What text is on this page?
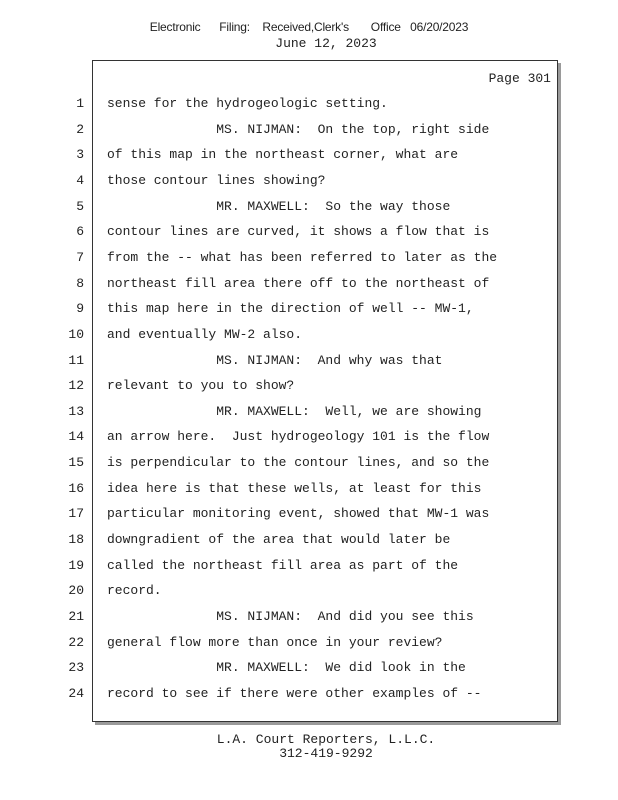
Electronic      Filing:    Received,Clerk's       Office   06/20/2023
June 12, 2023
1
2
3
4
5
6
7
8
9
10
11
12
13
14
15
16
17
18
19
20
21
22
23
24
Page 301
sense for the hydrogeologic setting.
MS. NIJMAN:  On the top, right side
of this map in the northeast corner, what are
those contour lines showing?
MR. MAXWELL:  So the way those
contour lines are curved, it shows a flow that is
from the -- what has been referred to later as the
northeast fill area there off to the northeast of
this map here in the direction of well -- MW-1,
and eventually MW-2 also.
MS. NIJMAN:  And why was that
relevant to you to show?
MR. MAXWELL:  Well, we are showing
an arrow here.  Just hydrogeology 101 is the flow
is perpendicular to the contour lines, and so the
idea here is that these wells, at least for this
particular monitoring event, showed that MW-1 was
downgradient of the area that would later be
called the northeast fill area as part of the
record.
MS. NIJMAN:  And did you see this
general flow more than once in your review?
MR. MAXWELL:  We did look in the
record to see if there were other examples of --
L.A. Court Reporters, L.L.C.
312-419-9292
